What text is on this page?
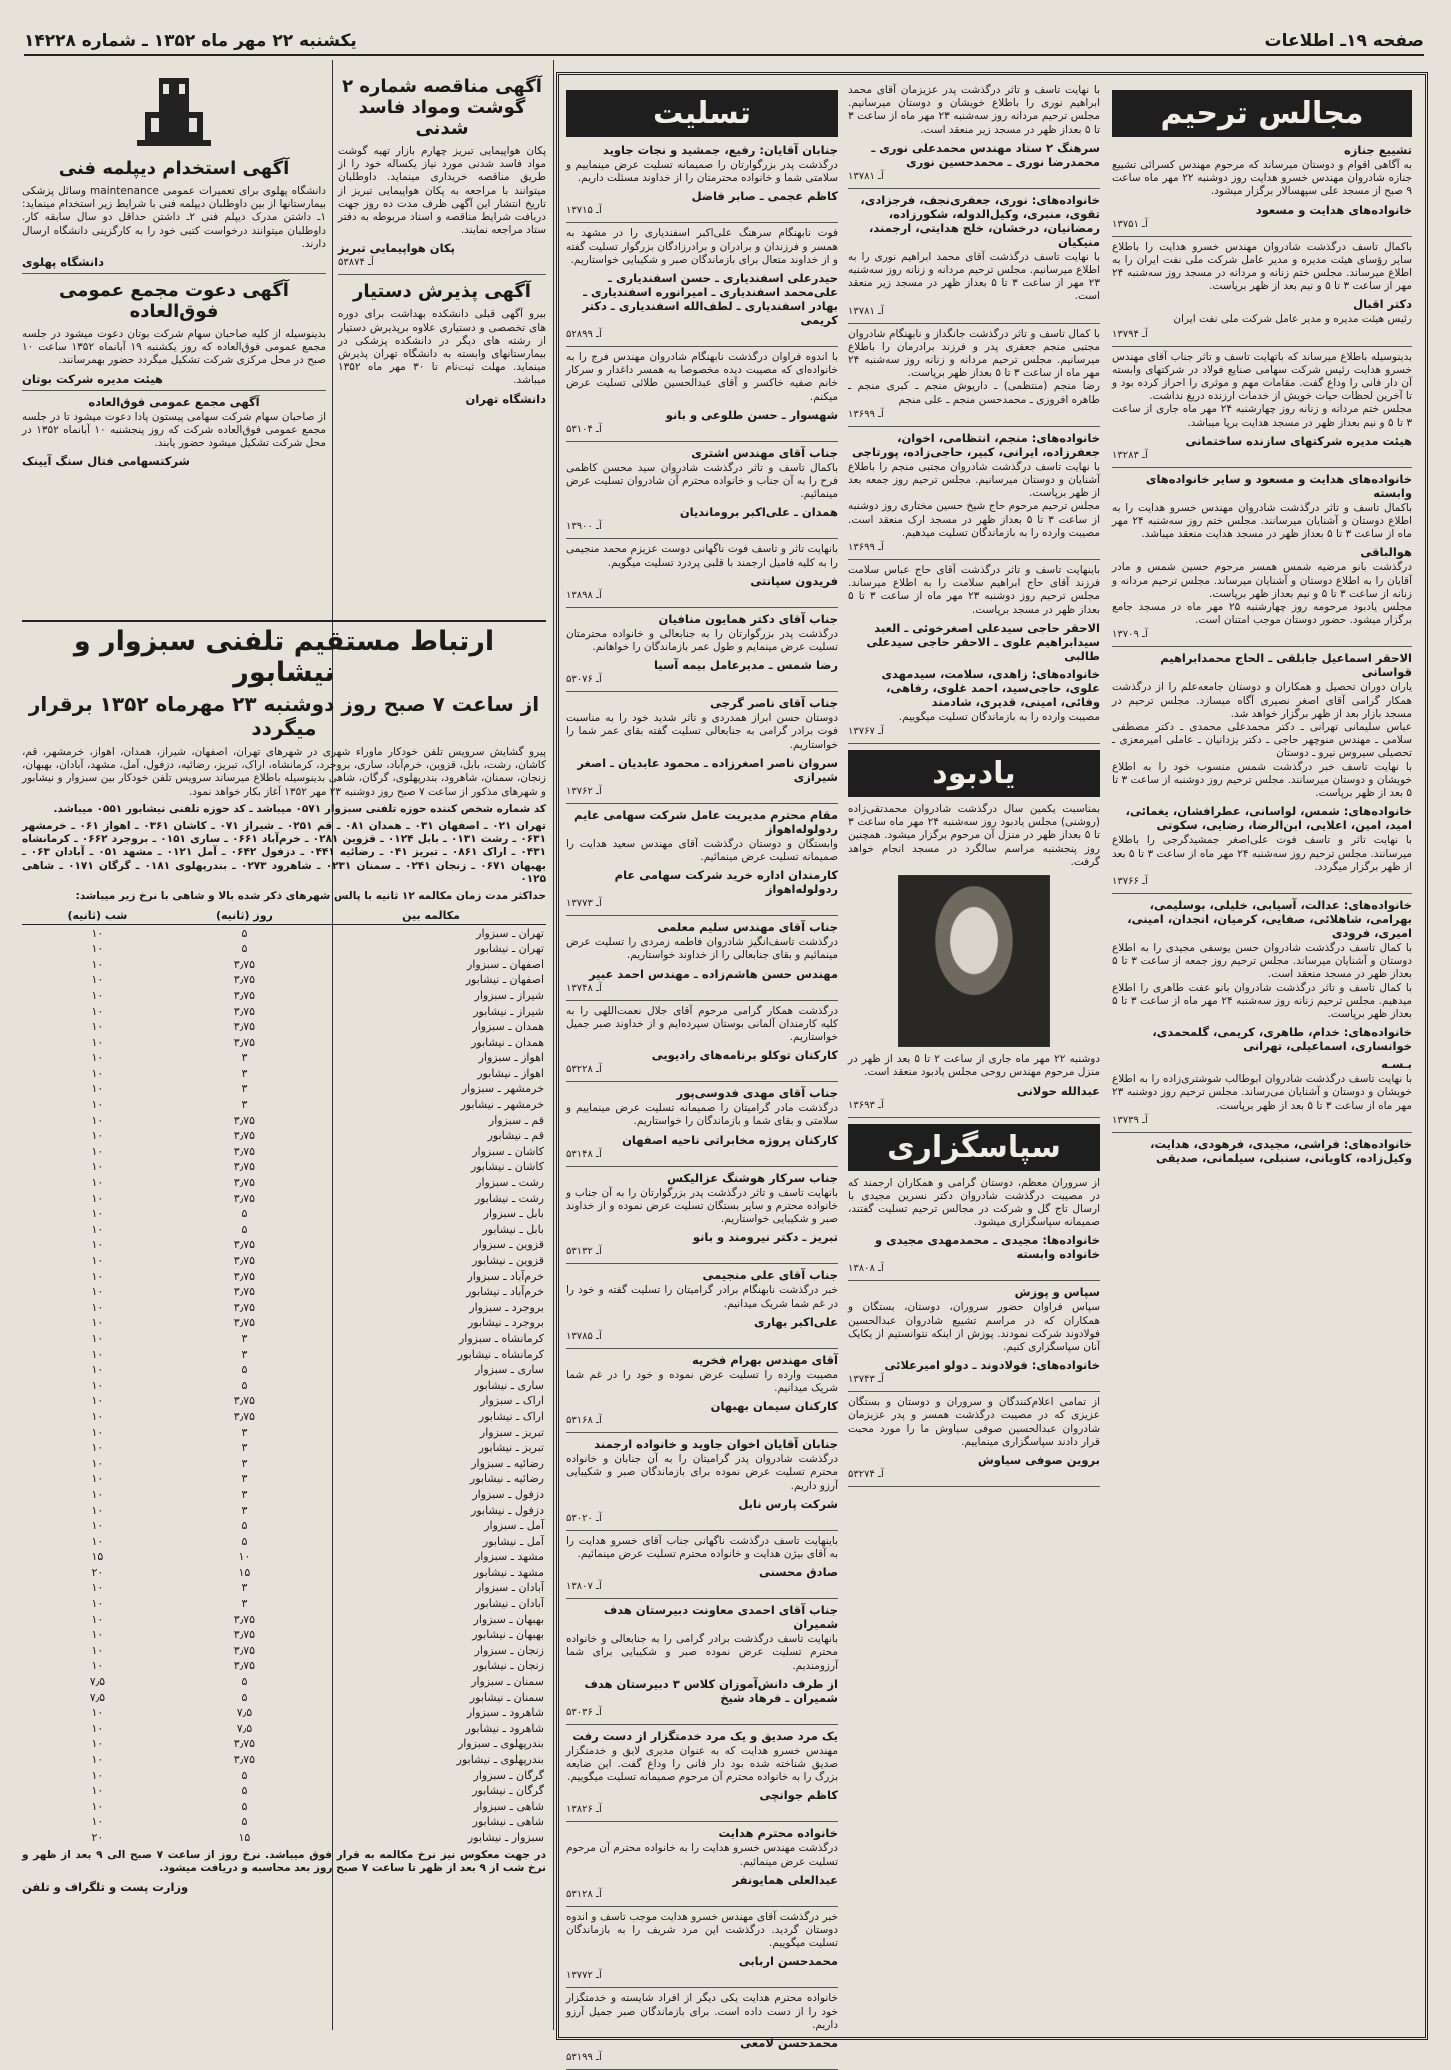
صفحه ۱۹ـ اطلاعات
یکشنبه ۲۲ مهر ماه ۱۳۵۲ ـ شماره ۱۴۲۲۸
مجالس ترحیم
تشییع جنازه
به آگاهی اقوام و دوستان میرساند که مرحوم مهندس کسرائی تشییع جنازه شادروان مهندس خسرو هدایت روز دوشنبه ۲۲ مهر ماه ساعت ۹ صبح از مسجد علی سپهسالار برگزار میشود.
خانواده‌های هدایت و مسعود
آـ ۱۳۷۵۱
باکمال تاسف درگذشت شادروان مهندس خسرو هدایت را باطلاع سایر رؤسای هیئت مدیره و مدیر عامل شرکت ملی نفت ایران را به اطلاع میرساند. مجلس ختم زنانه و مردانه در مسجد روز سه‌شنبه ۲۴ مهر از ساعت ۳ تا ۵ و نیم بعد از ظهر برپاست.
دکتر اقبال
رئیس هیئت مدیره و مدیر عامل شرکت ملی نفت ایران
آـ ۱۳۷۹۴
بدینوسیله باطلاع میرساند که باتهایت تاسف و تاثر جناب آقای مهندس خسرو هدایت رئیس شرکت سهامی صنایع فولاد در شرکتهای وابسته آن دار فانی را وداع گفت. مقامات مهم و موثری را احراز کرده بود و تا آخرین لحظات حیات خویش از خدمات ارزنده دریغ نداشت.
مجلس ختم مردانه و زنانه روز چهارشنبه ۲۴ مهر ماه جاری از ساعت ۳ تا ۵ و نیم بعداز ظهر در مسجد هدایت برپا میباشد.
هیئت مدیره شرکتهای سازنده ساختمانی
آـ ۱۳۲۸۳
خانواده‌های هدایت و مسعود و سایر خانواده‌های وابسته
باکمال تاسف و تاثر درگذشت شادروان مهندس خسرو هدایت را به اطلاع دوستان و آشنایان میرسانند. مجلس ختم روز سه‌شنبه ۲۴ مهر ماه از ساعت ۳ تا ۵ بعداز ظهر در مسجد هدایت منعقد میباشد.
هوالباقی
درگذشت بانو مرضیه شمس همسر مرحوم حسین شمس و مادر آقایان را به اطلاع دوستان و آشنایان میرساند. مجلس ترحیم مردانه و زنانه از ساعت ۳ تا ۵ و نیم بعداز ظهر برپاست.
مجلس یادبود مرحومه روز چهارشنبه ۲۵ مهر ماه در مسجد جامع برگزار میشود. حضور دوستان موجب امتنان است.
آـ ۱۳۷۰۹
الاحقر اسماعیل جابلقی ـ الحاج محمدابراهیم قواسانی
یاران دوران تحصیل و همکاران و دوستان جامعه‌علم را از درگذشت همکار گرامی آقای اصغر نصیری آگاه میسازد. مجلس ترحیم در مسجد بازار بعد از ظهر برگزار خواهد شد.
عباس سلیمانی تهرانی ـ دکتر محمدعلی محمدی ـ دکتر مصطفی سلامی ـ مهندس منوچهر حاجی ـ دکتر یزدانیان ـ عاملی امیرمعزی ـ تحصیلی سیروس نیرو ـ دوستان
با نهایت تاسف خبر درگذشت شمس منسوب خود را به اطلاع خویشان و دوستان میرسانند. مجلس ترحیم روز دوشنبه از ساعت ۳ تا ۵ بعد از ظهر برپاست.
خانواده‌های: شمس، لواسانی، عطرافشان، یغمائی، امید، امین، اعلایی، ابن‌الرضا، رضایی، سکوتی
با نهایت تاثر و تاسف فوت علی‌اصغر جمشیدگرجی را باطلاع میرسانند. مجلس ترحیم روز سه‌شنبه ۲۴ مهر ماه از ساعت ۳ تا ۵ بعد از ظهر برگزار میگردد.
آـ ۱۳۷۶۶
خانواده‌های: عدالت، آسیابی، خلیلی، بوسلیمی، بهرامی، شاهلائی، صفایی، کرمیان، انجدان، امینی، امیری، فرودی
با کمال تاسف درگذشت شادروان حسن یوسفی مجیدی را به اطلاع دوستان و آشنایان میرساند. مجلس ترحیم روز جمعه از ساعت ۳ تا ۵ بعداز ظهر در مسجد منعقد است.
با کمال تاسف و تاثر درگذشت شادروان بانو عفت طاهری را اطلاع میدهیم. مجلس ترحیم زنانه روز سه‌شنبه ۲۴ مهر ماه از ساعت ۳ تا ۵ بعداز ظهر برپاست.
خانواده‌های: خدام، طاهری، کریمی، گلمحمدی، خوانساری، اسماعیلی، تهرانی
بـسـه
با نهایت تاسف درگذشت شادروان ابوطالب شوشتری‌زاده را به اطلاع خویشان و دوستان و آشنایان می‌رساند. مجلس ترحیم روز دوشنبه ۲۳ مهر ماه از ساعت ۳ تا ۵ بعد از ظهر برپاست.
آـ ۱۳۷۳۹
خانواده‌های: فراشی، مجیدی، فرهودی، هدایت، وکیل‌زاده، کاویانی، سنبلی، سیلمانی، صدیقی
با نهایت تاسف و تاثر درگذشت پدر عزیزمان آقای محمد ابراهیم نوری را باطلاع خویشان و دوستان میرسانیم. مجلس ترحیم مردانه روز سه‌شنبه ۲۳ مهر ماه از ساعت ۳ تا ۵ بعداز ظهر در مسجد زیر منعقد است.
سرهنگ ۲ ستاد مهندس محمدعلی نوری ـ محمدرضا نوری ـ محمدحسین نوری
آـ ۱۳۷۸۱
خانواده‌های: نوری، جعفری‌نجف، فرجزادی، تقوی، منبری، وکیل‌الدوله، شکورزاده، رمضانیان، درخشان، خلج هدایتی، ارجمند، منیکیان
با نهایت تاسف درگذشت آقای محمد ابراهیم نوری را به اطلاع میرسانیم. مجلس ترحیم مردانه و زنانه روز سه‌شنبه ۲۳ مهر از ساعت ۳ تا ۵ بعداز ظهر در مسجد زیر منعقد است.
آـ ۱۳۷۸۱
با کمال تاسف و تاثر درگذشت جانگداز و نابهنگام شادروان مجتبی منجم جعفری پدر و فرزند برادرمان را باطلاع میرسانیم. مجلس ترحیم مردانه و زنانه روز سه‌شنبه ۲۴ مهر ماه از ساعت ۳ تا ۵ بعداز ظهر برپاست.
رضا منجم (منتظمی) ـ داریوش منجم ـ کبری منجم ـ طاهره افروزی ـ محمدحسن منجم ـ علی منجم
آـ ۱۳۶۹۹
خانواده‌های: منجم، انتظامی، اخوان، جعفرزاده، ایرانی، کبیر، حاجی‌زاده، پورتاجی
با نهایت تاسف درگذشت شادروان مجتبی منجم را باطلاع آشنایان و دوستان میرسانیم. مجلس ترحیم روز جمعه بعد از ظهر برپاست.
مجلس ترحیم مرحوم حاج شیخ حسین مختاری روز دوشنبه از ساعت ۳ تا ۵ بعداز ظهر در مسجد ارک منعقد است. مصیبت وارده را به بازماندگان تسلیت میدهیم.
آـ ۱۳۶۹۹
باینهایت تاسف و تاثر درگذشت آقای حاج عباس سلامت فرزند آقای حاج ابراهیم سلامت را به اطلاع میرساند. مجلس ترحیم روز دوشنبه ۲۳ مهر ماه از ساعت ۳ تا ۵ بعداز ظهر در مسجد برپاست.
الاحقر حاجی سیدعلی اصغرخوئی ـ العبد سیدابراهیم علوی ـ الاحقر حاجی سیدعلی طالبی
خانواده‌های: زاهدی، سلامت، سیدمهدی علوی، حاجی‌سید، احمد غلوی، رفاهی، وفائی، امینی، قدیری، شادمند
مصیبت وارده را به بازماندگان تسلیت میگوییم.
آـ ۱۳۷۶۷
یادبود
بمناسبت یکمین سال درگذشت شادروان محمدتقی‌زاده (روشنی) مجلس یادبود روز سه‌شنبه ۲۴ مهر ماه ساعت ۳ تا ۵ بعداز ظهر در منزل آن مرحوم برگزار میشود. همچنین روز پنجشنبه مراسم سالگرد در مسجد انجام خواهد گرفت.
دوشنبه ۲۲ مهر ماه جاری از ساعت ۲ تا ۵ بعد از ظهر در منزل مرحوم مهندس روحی مجلس یادبود منعقد است.
عبدالله حولانی
آـ ۱۳۶۹۳
سپاسگزاری
از سروران معظم، دوستان گرامی و همکاران ارجمند که در مصیبت درگذشت شادروان دکتر نسرین مجیدی با ارسال تاج گل و شرکت در مجالس ترحیم تسلیت گفتند، صمیمانه سپاسگزاری میشود.
خانواده‌ها: مجیدی ـ محمدمهدی مجیدی و خانواده وابسته
آـ ۱۳۸۰۸
سپاس و پوزش
سپاس فراوان حضور سروران، دوستان، بستگان و همکاران که در مراسم تشییع شادروان عبدالحسین فولادوند شرکت نمودند. پوزش از اینکه نتوانستیم از یکایک آنان سپاسگزاری کنیم.
خانواده‌های: فولادوند ـ دولو امیرعلائی
آـ ۱۳۷۴۳
از تمامی اعلام‌کنندگان و سروران و دوستان و بستگان عزیزی که در مصیبت درگذشت همسر و پدر عزیزمان شادروان عبدالحسین صوفی سیاوش ما را مورد محبت قرار دادند سپاسگزاری مینماییم.
بروین صوفی سیاوش
آـ ۵۳۲۷۴
تسلیت
جنابان آقایان: رفیع، جمشید و نجات جاوید
درگذشت پدر بزرگوارتان را صمیمانه تسلیت عرض مینماییم و سلامتی شما و خانواده محترمتان را از خداوند مسئلت داریم.
کاظم عجمی ـ صابر فاضل
آـ ۱۳۷۱۵
فوت نابهنگام سرهنگ علی‌اکبر اسفندیاری را در مشهد به همسر و فرزندان و برادران و برادرزادگان بزرگوار تسلیت گفته و از خداوند متعال برای بازماندگان صبر و شکیبایی خواستاریم.
حیدرعلی اسفندیاری ـ حسن اسفندیاری ـ علی‌محمد اسفندیاری ـ امیرانوره اسفندیاری ـ بهادر اسفندیاری ـ لطف‌الله اسفندیاری ـ دکتر کریمی
آـ ۵۲۸۹۹
با اندوه فراوان درگذشت نابهنگام شادروان مهندس فرج را به خانواده‌ای که مصیبت دیده مخصوصا به همسر داغدار و سرکار خانم صفیه خاکسر و آقای عبدالحسین طلائی تسلیت عرض میکنم.
شهسوار ـ حسن طلوعی و بانو
آـ ۵۳۱۰۴
جناب آقای مهندس اشتری
باکمال تاسف و تاثر درگذشت شادروان سید محسن کاظمی فرح را به آن جناب و خانواده محترم آن شادروان تسلیت عرض مینمائیم.
همدان ـ علی‌اکبر بروماندیان
آـ ۱۳۹۰۰
بانهایت تاثر و تاسف فوت ناگهانی دوست عزیزم محمد منجیمی را به کلیه فامیل ارجمند با قلبی پردرد تسلیت میگویم.
فریدون سپانتی
آـ ۱۳۸۹۸
جناب آقای دکتر همایون منافیان
درگذشت پدر بزرگوارتان را به جنابعالی و خانواده محترمتان تسلیت عرض مینمایم و طول عمر بازماندگان را خواهانم.
رضا شمس ـ مدیرعامل بیمه آسیا
آـ ۵۳۰۷۶
جناب آقای ناصر گرجی
دوستان حسن ابراز همدردی و تاثر شدید خود را به مناسبت فوت برادر گرامی به جنابعالی تسلیت گفته بقای عمر شما را خواستاریم.
سروان ناصر اصغرزاده ـ محمود عابدیان ـ اصغر شیرازی
آـ ۱۳۷۶۲
مقام محترم مدیریت عامل شرکت سهامی عایم ردولوله‌اهواز
وابستگان و دوستان درگذشت آقای مهندس سعید هدایت را صمیمانه تسلیت عرض مینمائیم.
کارمندان اداره خرید شرکت سهامی عام ردولوله‌اهواز
آـ ۱۳۷۷۳
جناب آقای مهندس سلیم معلمی
درگذشت تاسف‌انگیز شادروان فاطمه زمردی را تسلیت عرض مینمائیم و بقای جنابعالی را از خداوند خواستاریم.
مهندس حسن هاشم‌زاده ـ مهندس احمد عبیر
آـ ۱۳۷۴۸
درگذشت همکار گرامی مرحوم آقای جلال نعمت‌اللهی را به کلیه کارمندان آلمانی بوستان سپرده‌ایم و از خداوند صبر جمیل خواستاریم.
کارکنان توکلو برنامه‌های رادیویی
آـ ۵۳۲۲۸
جناب آقای مهدی فدوسی‌پور
درگذشت مادر گرامیتان را صمیمانه تسلیت عرض مینماییم و سلامتی و بقای شما و بازماندگان را خواستاریم.
کارکنان پروژه مخابراتی ناحیه اصفهان
آـ ۵۳۱۴۸
جناب سرکار هوشنگ عزالیکس
بانهایت تاسف و تاثر درگذشت پدر بزرگوارتان را به آن جناب و خانواده محترم و سایر بستگان تسلیت عرض نموده و از خداوند صبر و شکیبایی خواستاریم.
تبریز ـ دکتر نیرومند و بانو
آـ ۵۳۱۳۲
جناب آقای علی منجیمی
خبر درگذشت نابهنگام برادر گرامیتان را تسلیت گفته و خود را در غم شما شریک میدانیم.
علی‌اکبر بهاری
آـ ۱۳۷۸۵
آقای مهندس بهرام فخریه
مصیبت وارده را تسلیت عرض نموده و خود را در غم شما شریک میدانیم.
کارکنان سیمان بهبهان
آـ ۵۳۱۶۸
جنابان آقایان اخوان جاوید و خانواده ارجمند
درگذشت شادروان پدر گرامیتان را به آن جنابان و خانواده محترم تسلیت عرض نموده برای بازماندگان صبر و شکیبایی آرزو داریم.
شرکت پارس نابل
آـ ۵۳۰۲۰
باینهایت تاسف درگذشت ناگهانی جناب آقای خسرو هدایت را به آقای بیژن هدایت و خانواده محترم تسلیت عرض مینمائیم.
صادق محسنی
آـ ۱۳۸۰۷
جناب آقای احمدی معاونت دبیرستان هدف شمیران
بانهایت تاسف درگذشت برادر گرامی را به جنابعالی و خانواده محترم تسلیت عرض نموده صبر و شکیبایی برای شما آرزومندیم.
از طرف دانش‌آموزان کلاس ۳ دبیرستان هدف شمیران ـ فرهاد شیخ
آـ ۵۳۰۳۶
یک مرد صدیق و یک مرد خدمتگزار از دست رفت
مهندس خسرو هدایت که به عنوان مدیری لایق و خدمتگزار صدیق شناخته شده بود دار فانی را وداع گفت. این ضایعه بزرگ را به خانواده محترم آن مرحوم صمیمانه تسلیت میگوییم.
کاظم جوانچی
آـ ۱۳۸۲۶
خانواده محترم هدایت
درگذشت مهندس خسرو هدایت را به خانواده محترم آن مرحوم تسلیت عرض مینمائیم.
عبدالعلی همایونفر
آـ ۵۳۱۲۸
خبر درگذشت آقای مهندس خسرو هدایت موجب تاسف و اندوه دوستان گردید. درگذشت این مرد شریف را به بازماندگان تسلیت میگوییم.
محمدحسن اربابی
آـ ۱۳۷۷۲
خانواده محترم هدایت یکی دیگر از افراد شایسته و خدمتگزار خود را از دست داده است. برای بازماندگان صبر جمیل آرزو داریم.
محمدحسن لامعی
آـ ۵۳۱۹۹
آگهی مناقصه شماره ۲ گوشت ومواد فاسد شدنی
پکان هواپیمایی تبریز چهارم بازار تهیه گوشت مواد فاسد شدنی مورد نیاز یکساله خود را از طریق مناقصه خریداری مینماید. داوطلبان میتوانند با مراجعه به پکان هواپیمایی تبریز از تاریخ انتشار این آگهی ظرف مدت ده روز جهت دریافت شرایط مناقصه و اسناد مربوطه به دفتر ستاد مراجعه نمایند.
پکان هواپیمایی تبریز
آـ ۵۳۸۷۴
آگهی پذیرش دستیار
بیرو آگهی قبلی دانشکده بهداشت برای دوره های تخصصی و دستیاری علاوه برپذیرش دستیار از رشته های دیگر در دانشکده پزشکی در بیمارستانهای وابسته به دانشگاه تهران پذیرش مینماید. مهلت ثبت‌نام تا ۳۰ مهر ماه ۱۳۵۲ میباشد.
دانشگاه تهران
آگهی استخدام دیپلمه فنی
دانشگاه پهلوی برای تعمیرات عمومی maintenance وسائل پزشکی بیمارستانها از بین داوطلبان دیپلمه فنی با شرایط زیر استخدام مینماید: ۱ـ داشتن مدرک دیپلم فنی ۲ـ داشتن حداقل دو سال سابقه کار. داوطلبان میتوانند درخواست کتبی خود را به کارگزینی دانشگاه ارسال دارند.
دانشگاه پهلوی
آگهی دعوت مجمع عمومی فوق‌العاده
بدینوسیله از کلیه صاحبان سهام شرکت بوتان دعوت میشود در جلسه مجمع عمومی فوق‌العاده که روز یکشنبه ۱۹ آبانماه ۱۳۵۲ ساعت ۱۰ صبح در محل مرکزی شرکت تشکیل میگردد حضور بهمرسانند.
هیئت مدیره شرکت بوتان
آگهی مجمع عمومی فوق‌العاده
از صاحبان سهام شرکت سهامی پیستون پادا دعوت میشود تا در جلسه مجمع عمومی فوق‌العاده شرکت که روز پنجشنبه ۱۰ آبانماه ۱۳۵۲ در محل شرکت تشکیل میشود حضور یابند.
شرکتسهامی فتال سنگ آیینک
ارتباط مستقیم تلفنی سبزوار و نیشابور
از ساعت ۷ صبح روز دوشنبه ۲۳ مهرماه ۱۳۵۲ برقرار میگردد
پیرو گشایش سرویس تلفن خودکار ماوراء شهری در شهرهای تهران، اصفهان، شیراز، همدان، اهواز، خرمشهر، قم، کاشان، رشت، بابل، قزوین، خرم‌آباد، ساری، بروجرد، کرمانشاه، اراک، تبریز، رضائیه، دزفول، آمل، مشهد، آبادان، بهبهان، زنجان، سمنان، شاهرود، بندرپهلوی، گرگان، شاهی بدینوسیله باطلاع میرساند سرویس تلفن خودکار بین سبزوار و نیشابور و شهرهای مذکور از ساعت ۷ صبح روز دوشنبه ۲۳ مهر ۱۳۵۲ آغاز بکار خواهد نمود.
کد شماره شخص کننده حوزه تلفنی سبزوار ۰۵۷۱ میباشد ـ کد حوزه تلفنی نیشابور ۰۵۵۱ میباشد.
تهران ۰۲۱ ـ اصفهان ۰۳۱ ـ همدان ۰۸۱ ـ قم ۰۲۵۱ ـ شیراز ۰۷۱ ـ کاشان ۰۳۶۱ ـ اهواز ۰۶۱ ـ خرمشهر ۰۶۳۱ ـ رشت ۰۱۳۱ ـ بابل ۰۱۲۴ ـ قزوین ۰۲۸۱ ـ خرم‌آباد ۰۶۶۱ ـ ساری ۰۱۵۱ ـ بروجرد ۰۶۶۲ ـ کرمانشاه ۰۴۳۱ ـ اراک ۰۸۶۱ ـ تبریز ۰۴۱ ـ رضائیه ۰۴۴۱ ـ دزفول ۰۶۴۲ ـ آمل ۰۱۲۱ ـ مشهد ۰۵۱ ـ آبادان ۰۶۳ ـ بهبهان ۰۶۷۱ ـ زنجان ۰۲۴۱ ـ سمنان ۰۲۳۱ ـ شاهرود ۰۲۷۳ ـ بندرپهلوی ۰۱۸۱ ـ گرگان ۰۱۷۱ ـ شاهی ۰۱۲۵
حداکثر مدت زمان مکالمه ۱۲ ثانیه با پالس شهرهای ذکر شده بالا و شاهی با نرخ زیر میباشد:
مکالمه بین	روز (ثانیه)	شب (ثانیه)
تهران ـ سبزوار	۵	۱۰
تهران ـ نیشابور	۵	۱۰
اصفهان ـ سبزوار	۳٫۷۵	۱۰
اصفهان ـ نیشابور	۳٫۷۵	۱۰
شیراز ـ سبزوار	۳٫۷۵	۱۰
شیراز ـ نیشابور	۳٫۷۵	۱۰
همدان ـ سبزوار	۳٫۷۵	۱۰
همدان ـ نیشابور	۳٫۷۵	۱۰
اهواز ـ سبزوار	۳	۱۰
اهواز ـ نیشابور	۳	۱۰
خرمشهر ـ سبزوار	۳	۱۰
خرمشهر ـ نیشابور	۳	۱۰
قم ـ سبزوار	۳٫۷۵	۱۰
قم ـ نیشابور	۳٫۷۵	۱۰
کاشان ـ سبزوار	۳٫۷۵	۱۰
کاشان ـ نیشابور	۳٫۷۵	۱۰
رشت ـ سبزوار	۳٫۷۵	۱۰
رشت ـ نیشابور	۳٫۷۵	۱۰
بابل ـ سبزوار	۵	۱۰
بابل ـ نیشابور	۵	۱۰
قزوین ـ سبزوار	۳٫۷۵	۱۰
قزوین ـ نیشابور	۳٫۷۵	۱۰
خرم‌آباد ـ سبزوار	۳٫۷۵	۱۰
خرم‌آباد ـ نیشابور	۳٫۷۵	۱۰
بروجرد ـ سبزوار	۳٫۷۵	۱۰
بروجرد ـ نیشابور	۳٫۷۵	۱۰
کرمانشاه ـ سبزوار	۳	۱۰
کرمانشاه ـ نیشابور	۳	۱۰
ساری ـ سبزوار	۵	۱۰
ساری ـ نیشابور	۵	۱۰
اراک ـ سبزوار	۳٫۷۵	۱۰
اراک ـ نیشابور	۳٫۷۵	۱۰
تبریز ـ سبزوار	۳	۱۰
تبریز ـ نیشابور	۳	۱۰
رضائیه ـ سبزوار	۳	۱۰
رضائیه ـ نیشابور	۳	۱۰
دزفول ـ سبزوار	۳	۱۰
دزفول ـ نیشابور	۳	۱۰
آمل ـ سبزوار	۵	۱۰
آمل ـ نیشابور	۵	۱۰
مشهد ـ سبزوار	۱۰	۱۵
مشهد ـ نیشابور	۱۵	۲۰
آبادان ـ سبزوار	۳	۱۰
آبادان ـ نیشابور	۳	۱۰
بهبهان ـ سبزوار	۳٫۷۵	۱۰
بهبهان ـ نیشابور	۳٫۷۵	۱۰
زنجان ـ سبزوار	۳٫۷۵	۱۰
زنجان ـ نیشابور	۳٫۷۵	۱۰
سمنان ـ سبزوار	۵	۷٫۵
سمنان ـ نیشابور	۵	۷٫۵
شاهرود ـ سبزوار	۷٫۵	۱۰
شاهرود ـ نیشابور	۷٫۵	۱۰
بندرپهلوی ـ سبزوار	۳٫۷۵	۱۰
بندرپهلوی ـ نیشابور	۳٫۷۵	۱۰
گرگان ـ سبزوار	۵	۱۰
گرگان ـ نیشابور	۵	۱۰
شاهی ـ سبزوار	۵	۱۰
شاهی ـ نیشابور	۵	۱۰
سبزوار ـ نیشابور	۱۵	۲۰
در جهت معکوس نیز نرخ مکالمه به قرار فوق میباشد. نرخ روز از ساعت ۷ صبح الی ۹ بعد از ظهر و نرخ شب از ۹ بعد از ظهر تا ساعت ۷ صبح روز بعد محاسبه و دریافت میشود.
وزارت پست و تلگراف و تلفن
